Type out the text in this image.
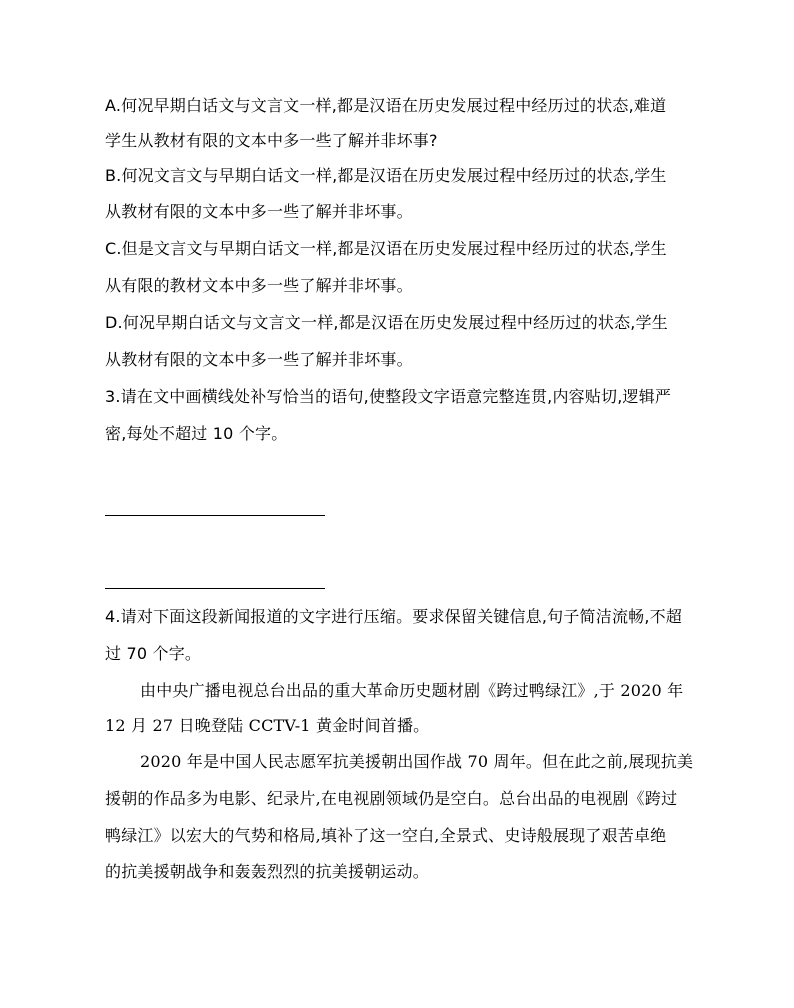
A.何况早期白话文与文言文一样,都是汉语在历史发展过程中经历过的状态,难道
学生从教材有限的文本中多一些了解并非坏事?
B.何况文言文与早期白话文一样,都是汉语在历史发展过程中经历过的状态,学生
从教材有限的文本中多一些了解并非坏事。
C.但是文言文与早期白话文一样,都是汉语在历史发展过程中经历过的状态,学生
从有限的教材文本中多一些了解并非坏事。
D.何况早期白话文与文言文一样,都是汉语在历史发展过程中经历过的状态,学生
从教材有限的文本中多一些了解并非坏事。
3.请在文中画横线处补写恰当的语句,使整段文字语意完整连贯,内容贴切,逻辑严
密,每处不超过 10 个字。
4.请对下面这段新闻报道的文字进行压缩。要求保留关键信息,句子简洁流畅,不超
过 70 个字。
由中央广播电视总台出品的重大革命历史题材剧《跨过鸭绿江》,于 2020 年
12 月 27 日晚登陆 CCTV-1 黄金时间首播。
2020 年是中国人民志愿军抗美援朝出国作战 70 周年。但在此之前,展现抗美
援朝的作品多为电影、纪录片,在电视剧领域仍是空白。总台出品的电视剧《跨过
鸭绿江》以宏大的气势和格局,填补了这一空白,全景式、史诗般展现了艰苦卓绝
的抗美援朝战争和轰轰烈烈的抗美援朝运动。
